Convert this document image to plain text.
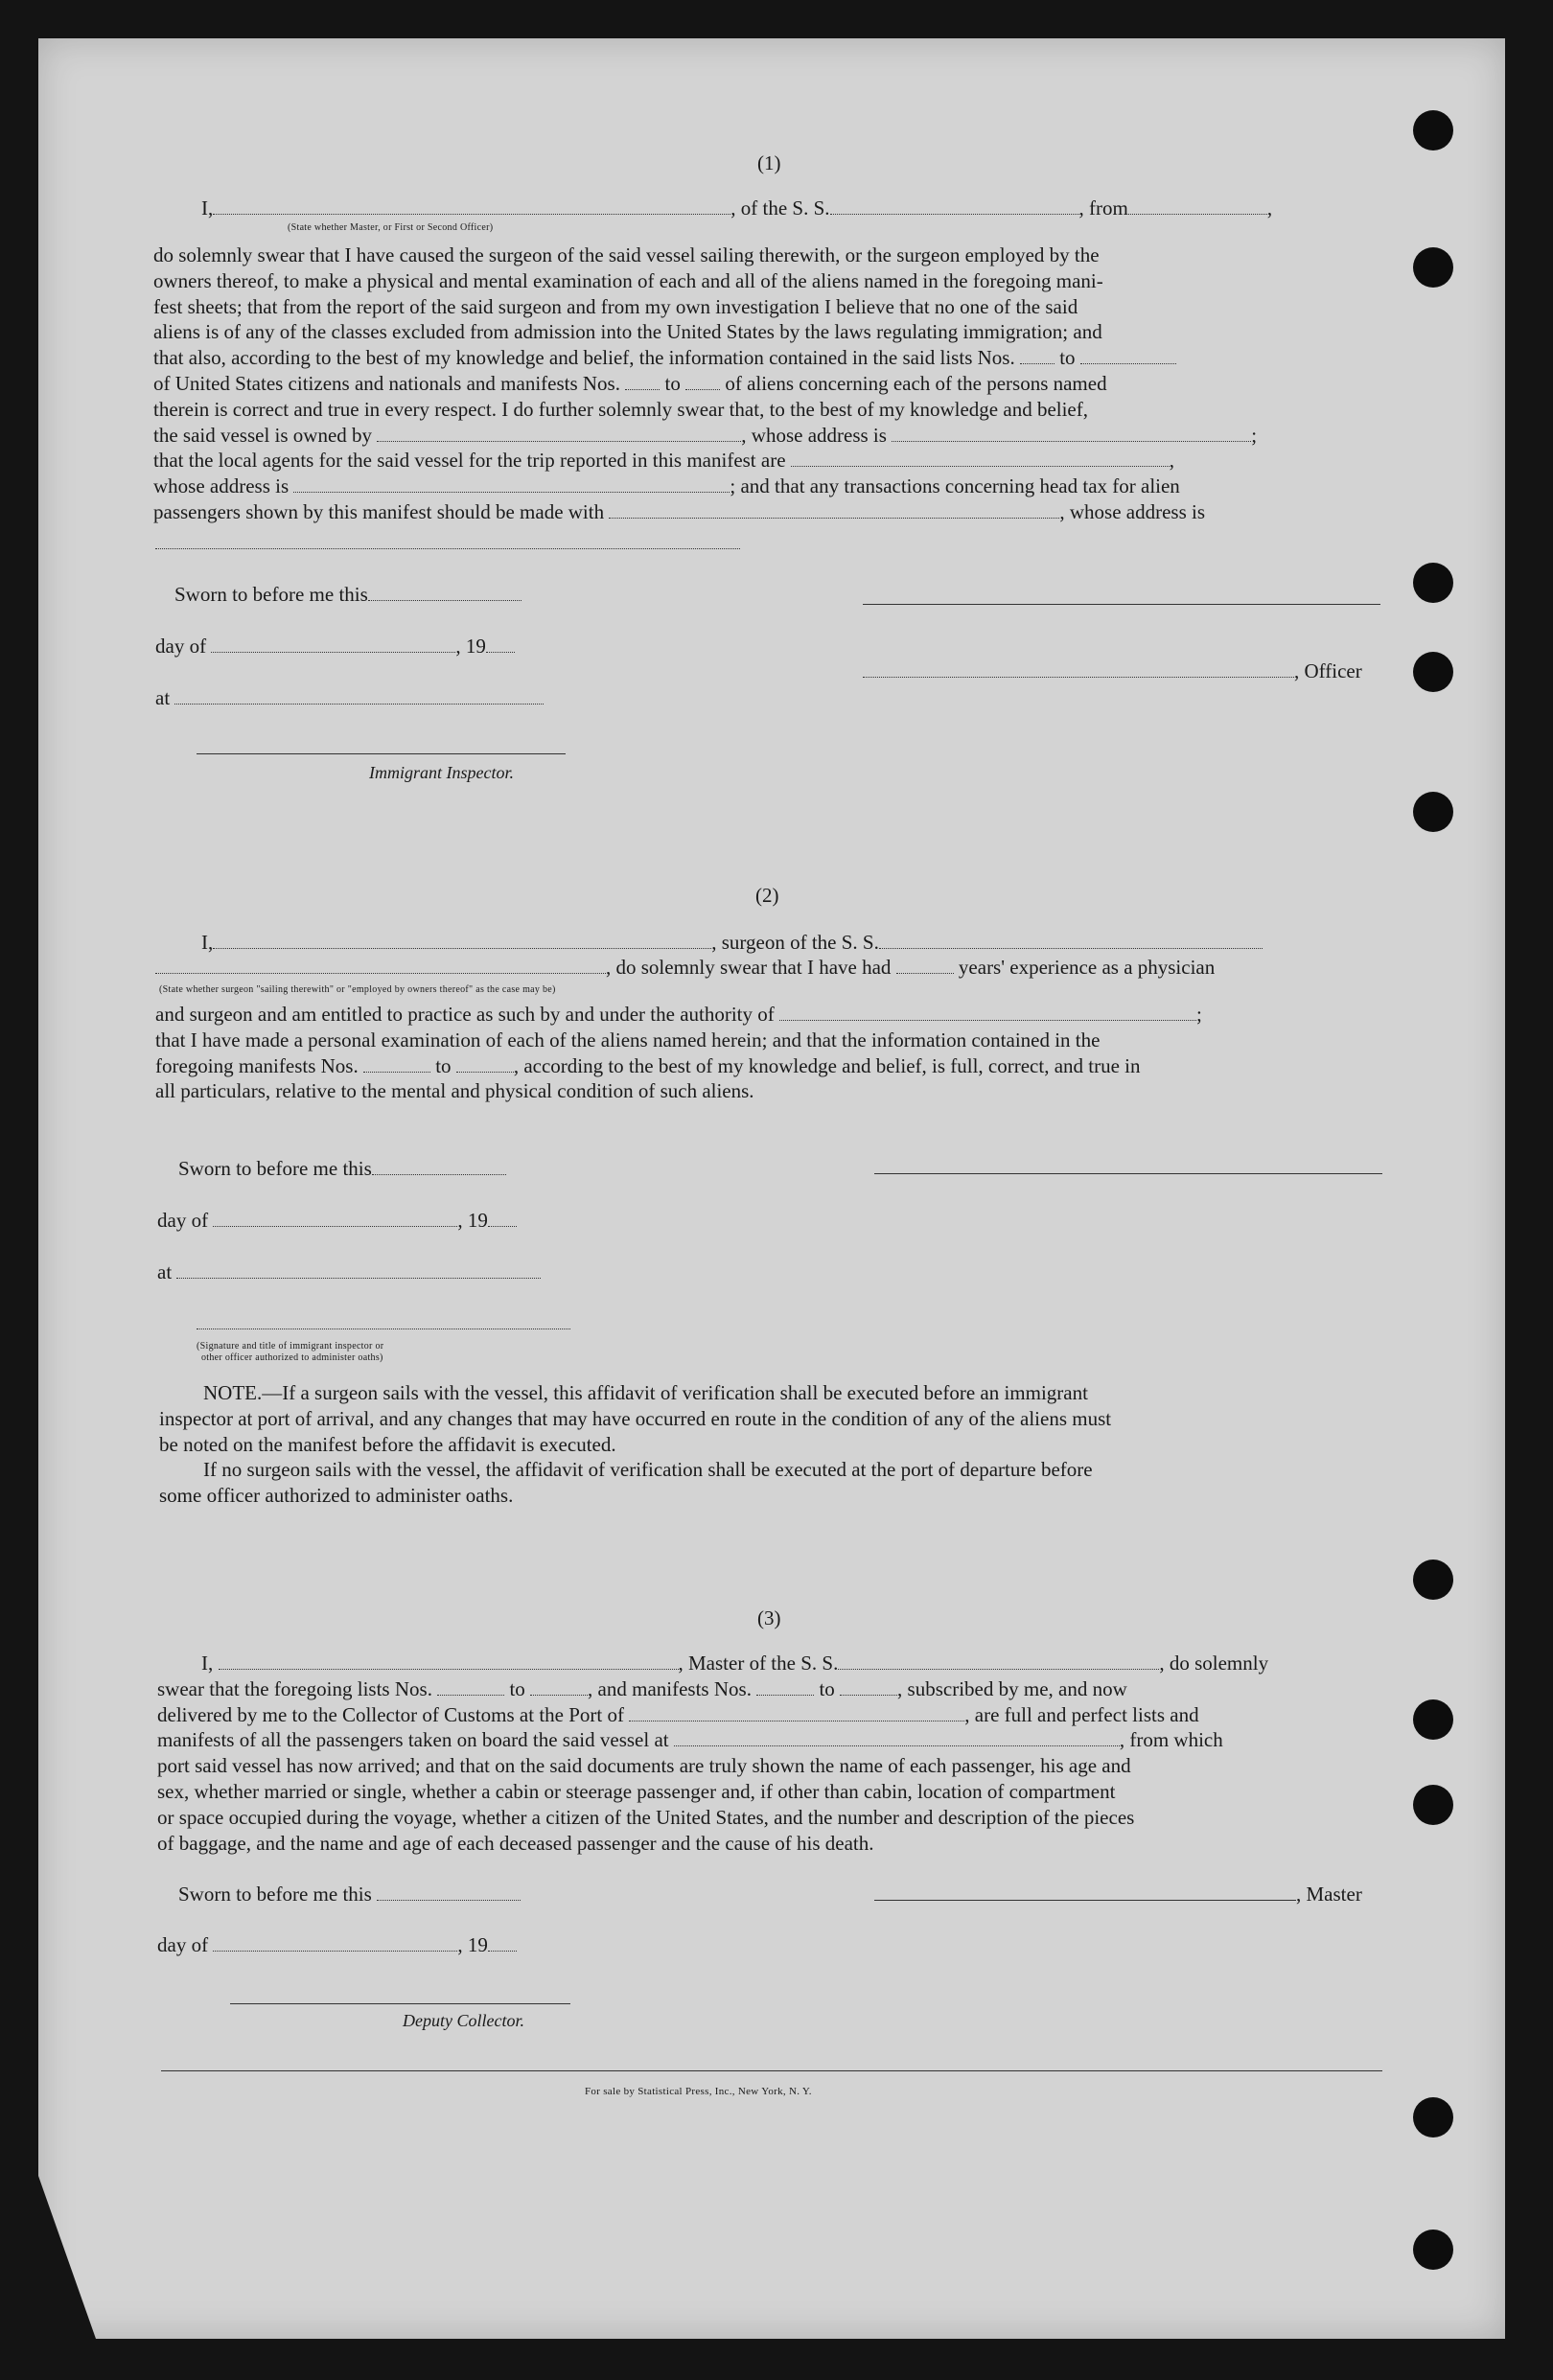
(1)
I,	, of the S. S.	, from	,
(State whether Master, or First or Second Officer)
do solemnly swear that I have caused the surgeon of the said vessel sailing therewith, or the surgeon employed by the
owners thereof, to make a physical and mental examination of each and all of the aliens named in the foregoing mani-
fest sheets; that from the report of the said surgeon and from my own investigation I believe that no one of the said
aliens is of any of the classes excluded from admission into the United States by the laws regulating immigration; and
that also, according to the best of my knowledge and belief, the information contained in the said lists Nos. to
of United States citizens and nationals and manifests Nos. to of aliens concerning each of the persons named
therein is correct and true in every respect. I do further solemnly swear that, to the best of my knowledge and belief,
the said vessel is owned by	, whose address is	;
that the local agents for the said vessel for the trip reported in this manifest are	,
whose address is	; and that any transactions concerning head tax for alien
passengers shown by this manifest should be made with	, whose address is
Sworn to before me this
day of	, 19
, Officer
at
Immigrant Inspector.
(2)
I,	, surgeon of the S. S.
, do solemnly swear that I have had	years' experience as a physician
(State whether surgeon "sailing therewith" or "employed by owners thereof" as the case may be)
and surgeon and am entitled to practice as such by and under the authority of	;
that I have made a personal examination of each of the aliens named herein; and that the information contained in the
foregoing manifests Nos.	to	, according to the best of my knowledge and belief, is full, correct, and true in
all particulars, relative to the mental and physical condition of such aliens.
Sworn to before me this
day of	, 19
at
(Signature and title of immigrant inspector or
other officer authorized to administer oaths)
NOTE.—If a surgeon sails with the vessel, this affidavit of verification shall be executed before an immigrant
inspector at port of arrival, and any changes that may have occurred en route in the condition of any of the aliens must
be noted on the manifest before the affidavit is executed.
If no surgeon sails with the vessel, the affidavit of verification shall be executed at the port of departure before
some officer authorized to administer oaths.
(3)
I,	, Master of the S. S.	, do solemnly
swear that the foregoing lists Nos.	to	, and manifests Nos.	to	, subscribed by me, and now
delivered by me to the Collector of Customs at the Port of	, are full and perfect lists and
manifests of all the passengers taken on board the said vessel at	, from which
port said vessel has now arrived; and that on the said documents are truly shown the name of each passenger, his age and
sex, whether married or single, whether a cabin or steerage passenger and, if other than cabin, location of compartment
or space occupied during the voyage, whether a citizen of the United States, and the number and description of the pieces
of baggage, and the name and age of each deceased passenger and the cause of his death.
Sworn to before me this	, Master
day of	, 19
Deputy Collector.
For sale by Statistical Press, Inc., New York, N. Y.
